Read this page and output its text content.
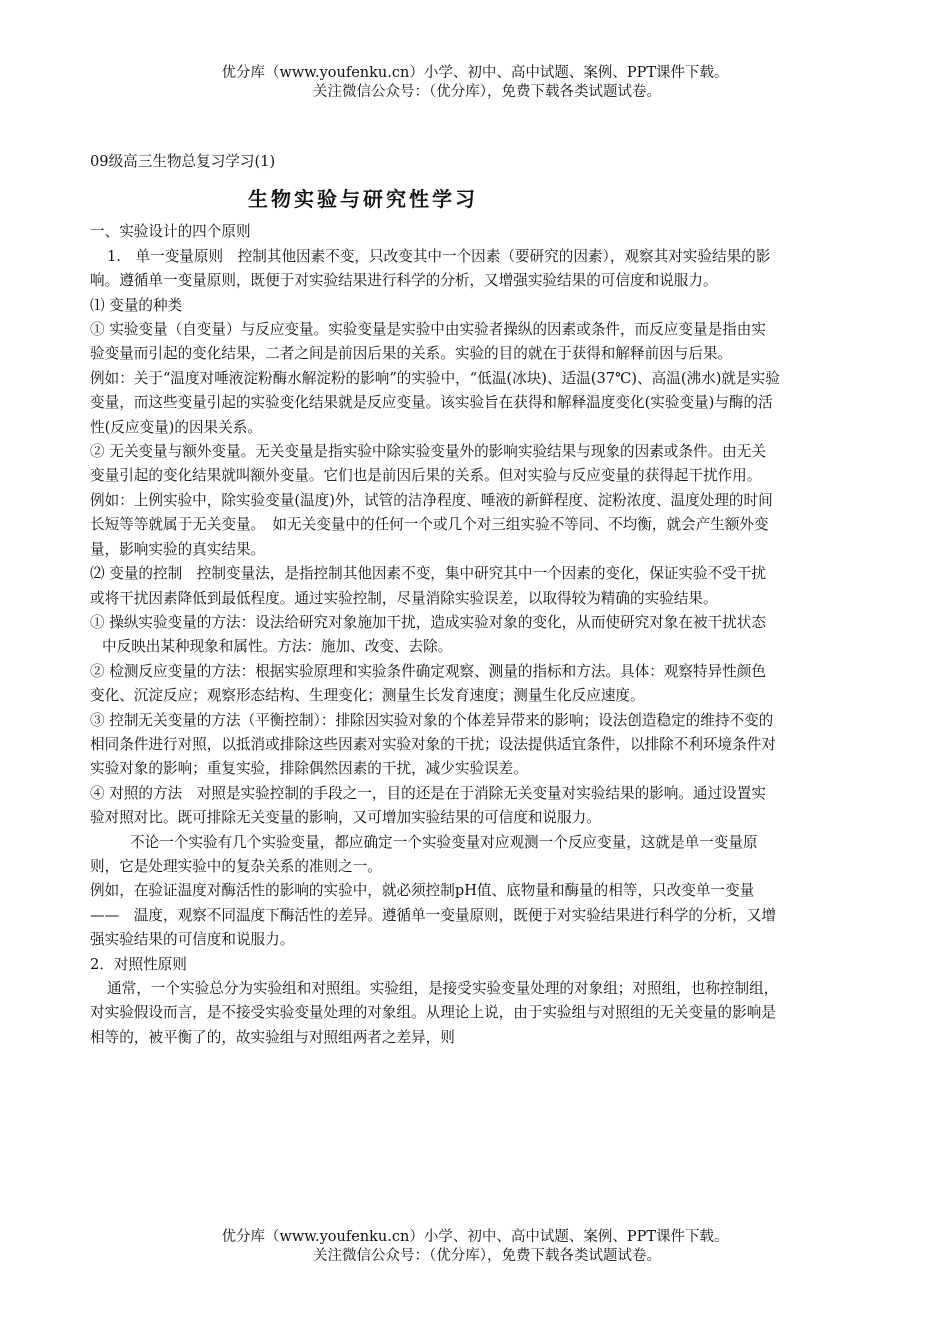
优分库（www.youfenku.cn）小学、初中、高中试题、案例、PPT课件下载。
关注微信公众号：（优分库），免费下载各类试题试卷。

09级高三生物总复习学习(1)

生物实验与研究性学习

一、实验设计的四个原则

1.　单一变量原则　控制其他因素不变，只改变其中一个因素（要研究的因素），观察其对实验结果的影响。遵循单一变量原则，既便于对实验结果进行科学的分析，又增强实验结果的可信度和说服力。

⑴ 变量的种类

① 实验变量（自变量）与反应变量。实验变量是实验中由实验者操纵的因素或条件，而反应变量是指由实验变量而引起的变化结果，二者之间是前因后果的关系。实验的目的就在于获得和解释前因与后果。

例如：关于“温度对唾液淀粉酶水解淀粉的影响”的实验中，“低温(冰块)、适温(37℃)、高温(沸水)就是实验变量，而这些变量引起的实验变化结果就是反应变量。该实验旨在获得和解释温度变化(实验变量)与酶的活性(反应变量)的因果关系。

② 无关变量与额外变量。无关变量是指实验中除实验变量外的影响实验结果与现象的因素或条件。由无关变量引起的变化结果就叫额外变量。它们也是前因后果的关系。但对实验与反应变量的获得起干扰作用。

例如：上例实验中，除实验变量(温度)外，试管的洁净程度、唾液的新鲜程度、淀粉浓度、温度处理的时间长短等等就属于无关变量。　如无关变量中的任何一个或几个对三组实验不等同、不均衡，就会产生额外变量，影响实验的真实结果。

⑵ 变量的控制　控制变量法，是指控制其他因素不变，集中研究其中一个因素的变化，保证实验不受干扰或将干扰因素降低到最低程度。通过实验控制，尽量消除实验误差，以取得较为精确的实验结果。

① 操纵实验变量的方法：设法给研究对象施加干扰，造成实验对象的变化，从而使研究对象在被干扰状态中反映出某种现象和属性。方法：施加、改变、去除。

② 检测反应变量的方法：根据实验原理和实验条件确定观察、测量的指标和方法。具体：观察特异性颜色变化、沉淀反应；观察形态结构、生理变化；测量生长发育速度；测量生化反应速度。

③ 控制无关变量的方法（平衡控制）：排除因实验对象的个体差异带来的影响；设法创造稳定的维持不变的相同条件进行对照，以抵消或排除这些因素对实验对象的干扰；设法提供适宜条件，以排除不利环境条件对实验对象的影响；重复实验，排除偶然因素的干扰，减少实验误差。

④ 对照的方法　对照是实验控制的手段之一，目的还是在于消除无关变量对实验结果的影响。通过设置实验对照对比。既可排除无关变量的影响，又可增加实验结果的可信度和说服力。

不论一个实验有几个实验变量，都应确定一个实验变量对应观测一个反应变量，这就是单一变量原则，它是处理实验中的复杂关系的准则之一。

例如，在验证温度对酶活性的影响的实验中，就必须控制pH值、底物量和酶量的相等，只改变单一变量　——　温度，观察不同温度下酶活性的差异。遵循单一变量原则，既便于对实验结果进行科学的分析，又增强实验结果的可信度和说服力。

2．对照性原则

通常，一个实验总分为实验组和对照组。实验组，是接受实验变量处理的对象组；对照组，也称控制组，对实验假设而言，是不接受实验变量处理的对象组。从理论上说，由于实验组与对照组的无关变量的影响是相等的，被平衡了的，故实验组与对照组两者之差异，则

优分库（www.youfenku.cn）小学、初中、高中试题、案例、PPT课件下载。
关注微信公众号：（优分库），免费下载各类试题试卷。
